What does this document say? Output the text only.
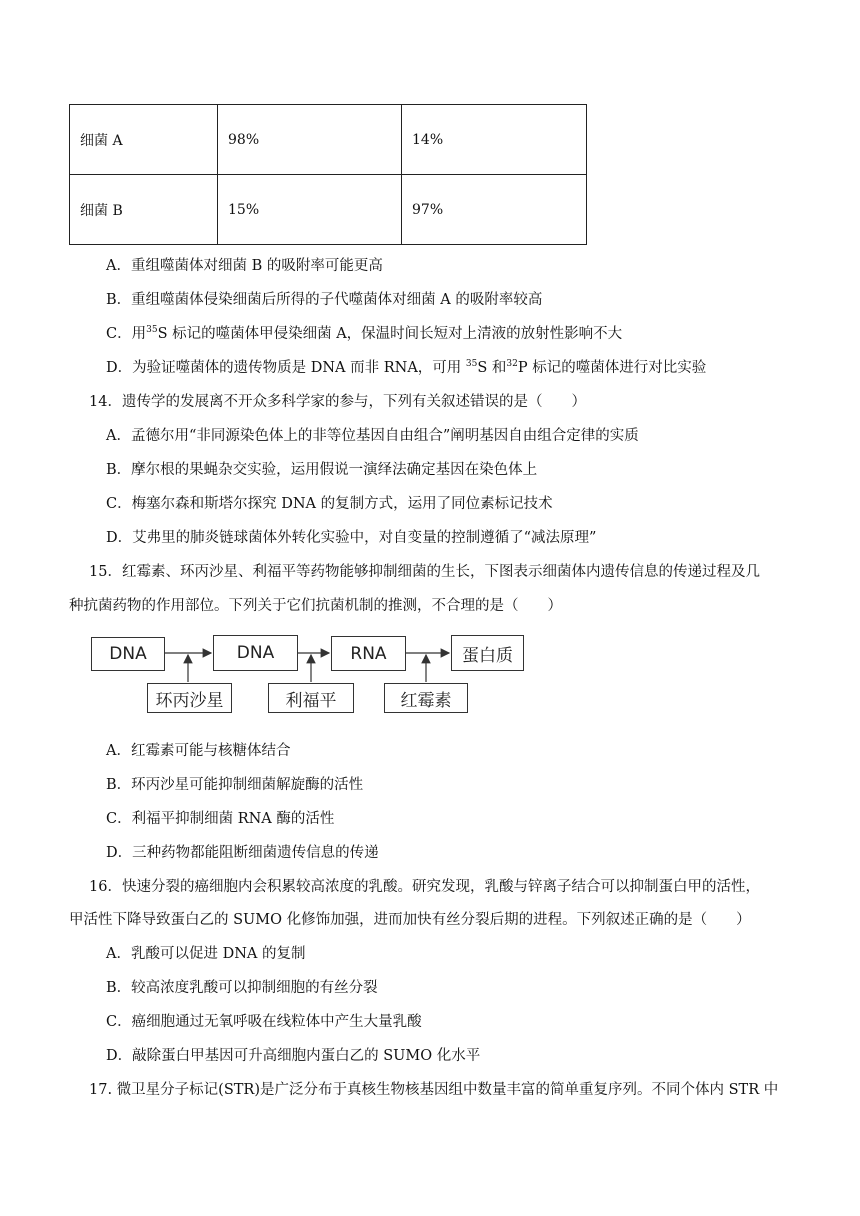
细菌 A	98%	14%
细菌 B	15%	97%
A．重组噬菌体对细菌 B 的吸附率可能更高
B．重组噬菌体侵染细菌后所得的子代噬菌体对细菌 A 的吸附率较高
C．用$^{35}$S 标记的噬菌体甲侵染细菌 A，保温时间长短对上清液的放射性影响不大
D．为验证噬菌体的遗传物质是 DNA 而非 RNA，可用 $^{35}$S 和$^{32}$P 标记的噬菌体进行对比实验
14．遗传学的发展离不开众多科学家的参与，下列有关叙述错误的是（　　）
A．孟德尔用“非同源染色体上的非等位基因自由组合”阐明基因自由组合定律的实质
B．摩尔根的果蝇杂交实验，运用假说一演绎法确定基因在染色体上
C．梅塞尔森和斯塔尔探究 DNA 的复制方式，运用了同位素标记技术
D．艾弗里的肺炎链球菌体外转化实验中，对自变量的控制遵循了“减法原理”
15．红霉素、环丙沙星、利福平等药物能够抑制细菌的生长，下图表示细菌体内遗传信息的传递过程及几
种抗菌药物的作用部位。下列关于它们抗菌机制的推测，不合理的是（　　）
DNA	DNA	RNA	蛋白质
环丙沙星	利福平	红霉素
A．红霉素可能与核糖体结合
B．环丙沙星可能抑制细菌解旋酶的活性
C．利福平抑制细菌 RNA 酶的活性
D．三种药物都能阻断细菌遗传信息的传递
16．快速分裂的癌细胞内会积累较高浓度的乳酸。研究发现，乳酸与锌离子结合可以抑制蛋白甲的活性，
甲活性下降导致蛋白乙的 SUMO 化修饰加强，进而加快有丝分裂后期的进程。下列叙述正确的是（　　）
A．乳酸可以促进 DNA 的复制
B．较高浓度乳酸可以抑制细胞的有丝分裂
C．癌细胞通过无氧呼吸在线粒体中产生大量乳酸
D．敲除蛋白甲基因可升高细胞内蛋白乙的 SUMO 化水平
17. 微卫星分子标记(STR)是广泛分布于真核生物核基因组中数量丰富的简单重复序列。不同个体内 STR 中
